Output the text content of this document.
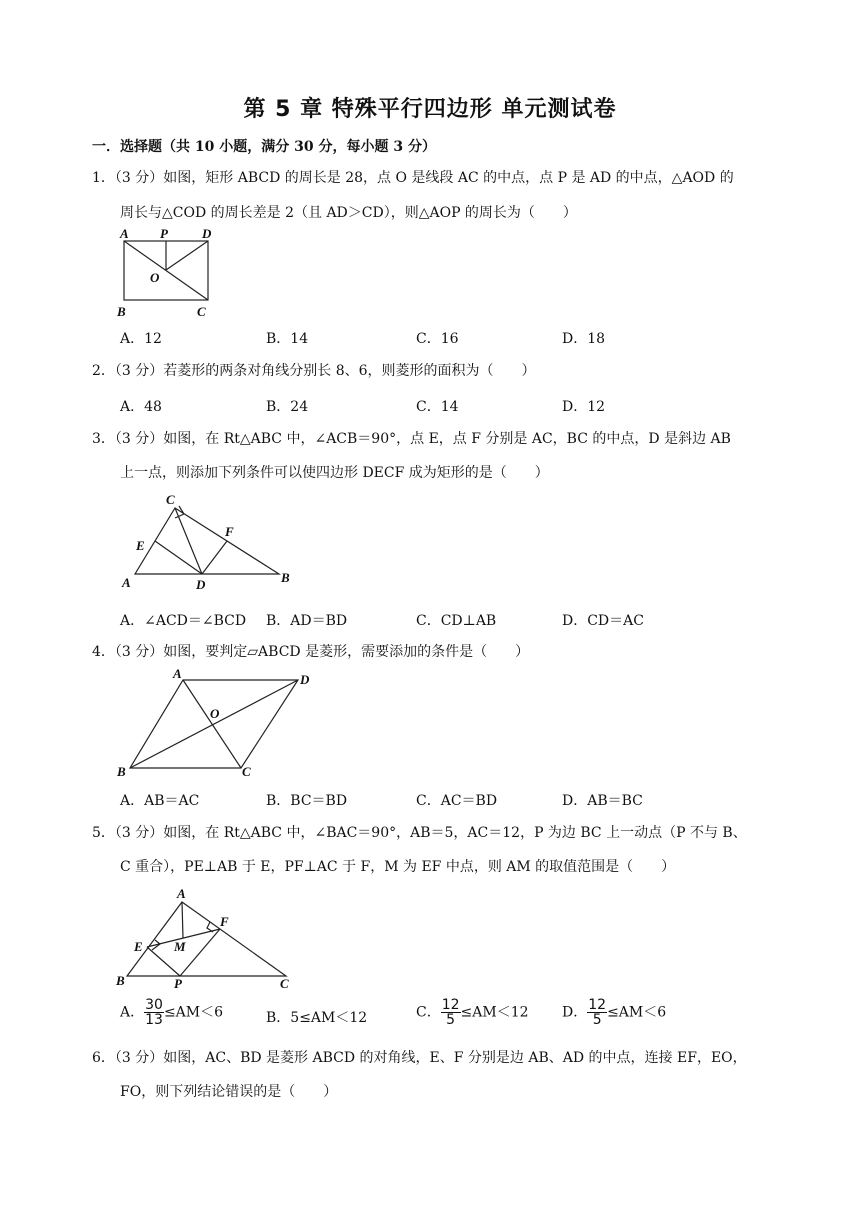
第 5 章 特殊平行四边形 单元测试卷
一．选择题（共 10 小题，满分 30 分，每小题 3 分）
1．（3 分）如图，矩形 ABCD 的周长是 28，点 O 是线段 AC 的中点，点 P 是 AD 的中点，△AOD 的
周长与△COD 的周长差是 2（且 AD＞CD），则△AOP 的周长为（　　）
A P	D
O
B	C
A．12	B．14	C．16	D．18
2．（3 分）若菱形的两条对角线分别长 8、6，则菱形的面积为（　　）
A．48	B．24	C．14	D．12
3．（3 分）如图，在 Rt△ABC 中，∠ACB＝90°，点 E，点 F 分别是 AC，BC 的中点，D 是斜边 AB
上一点，则添加下列条件可以使四边形 DECF 成为矩形的是（　　）
C
E
F
A	D	B
A．∠ACD＝∠BCD B．AD＝BD	C．CD⊥AB	D．CD＝AC
4．（3 分）如图，要判定▱ABCD 是菱形，需要添加的条件是（　　）
A	D
O
B	C
A．AB＝AC	B．BC＝BD	C．AC＝BD	D．AB＝BC
5．（3 分）如图，在 Rt△ABC 中，∠BAC＝90°，AB＝5，AC＝12，P 为边 BC 上一动点（P 不与 B、
C 重合），PE⊥AB 于 E，PF⊥AC 于 F，M 为 EF 中点，则 AM 的取值范围是（　　）
A
F
E M
B	P	C
A． $\frac{30}{13} \le AM<6$	B．5≤AM＜12	C． $\frac{12}{5} \le AM<12$ D． $\frac{12}{5} \le AM<6$
6．（3 分）如图，AC、BD 是菱形 ABCD 的对角线，E、F 分别是边 AB、AD 的中点，连接 EF，EO，
FO，则下列结论错误的是（　　）
